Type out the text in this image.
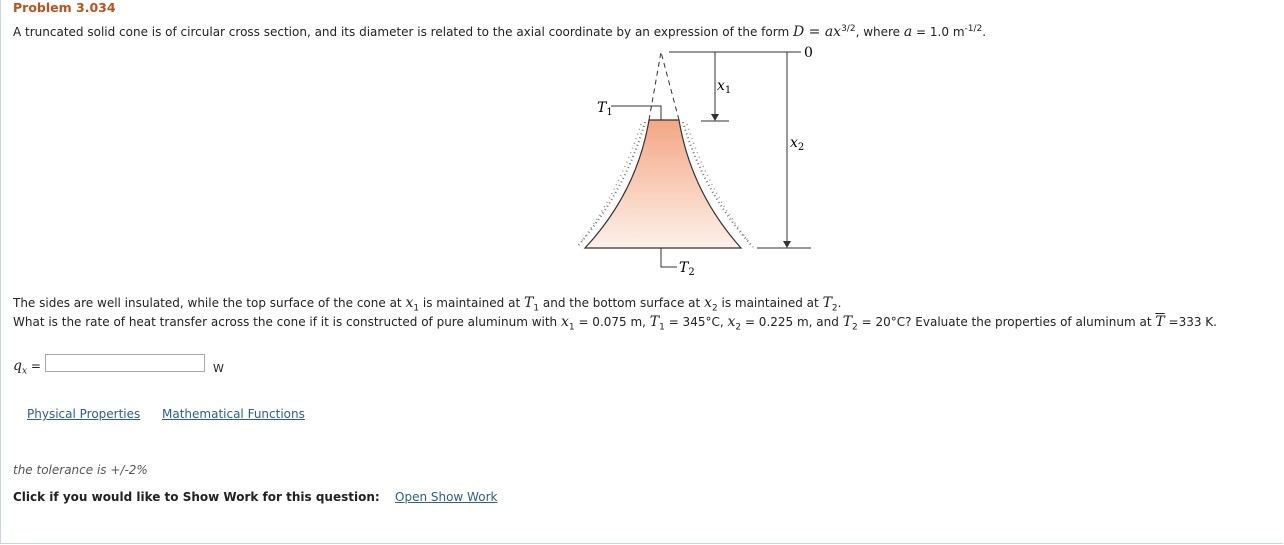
Problem 3.034
A truncated solid cone is of circular cross section, and its diameter is related to the axial coordinate by an expression of the form $D = ax^{3/2}$, where a = 1.0 $m^{-1/2}$.
0
$x_1$
$x_2$
$T_1$
$T_2$
The sides are well insulated, while the top surface of the cone at $x_1$ is maintained at $T_1$ and the bottom surface at $x_2$ is maintained at $T_2$.
What is the rate of heat transfer across the cone if it is constructed of pure aluminum with $x_1 = 0.075$ m, $T_1 = 345^\circ C$, $x_2 = 0.225$ m, and $T_2 = 20^\circ C$? Evaluate the properties of aluminum at $\overline{T} =333$ K.
$q_x$ =	W
Physical Properties Mathematical Functions
the tolerance is +/-2%
Click if you would like to Show Work for this question: Open Show Work
